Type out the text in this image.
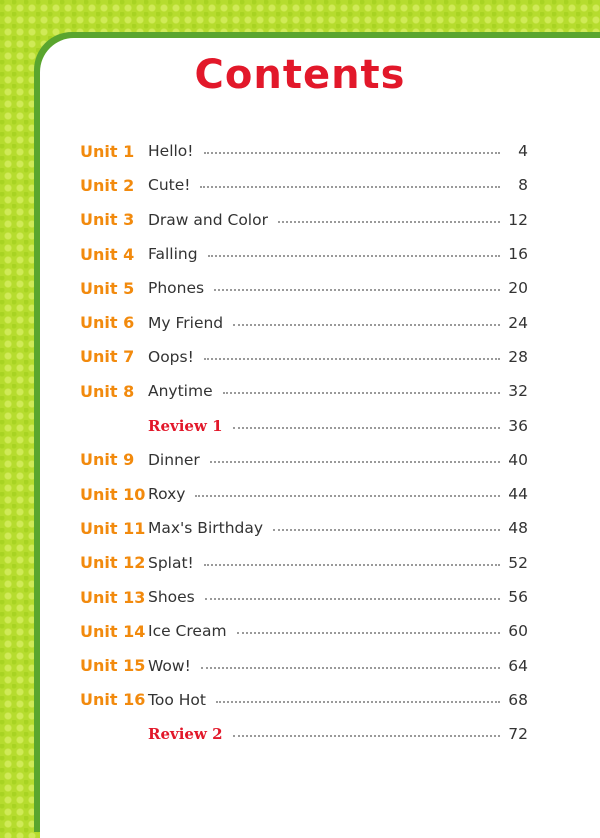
Contents
Unit 1 Hello!	4
Unit 2 Cute!	8
Unit 3 Draw and Color	12
Unit 4 Falling	16
Unit 5 Phones	20
Unit 6 My Friend	24
Unit 7 Oops!	28
Unit 8 Anytime	32
Review 1	36
Unit 9 Dinner	40
Unit 10 Roxy	44
Unit 11 Max's Birthday	48
Unit 12 Splat!	52
Unit 13 Shoes	56
Unit 14 Ice Cream	60
Unit 15 Wow!	64
Unit 16 Too Hot	68
Review 2	72
